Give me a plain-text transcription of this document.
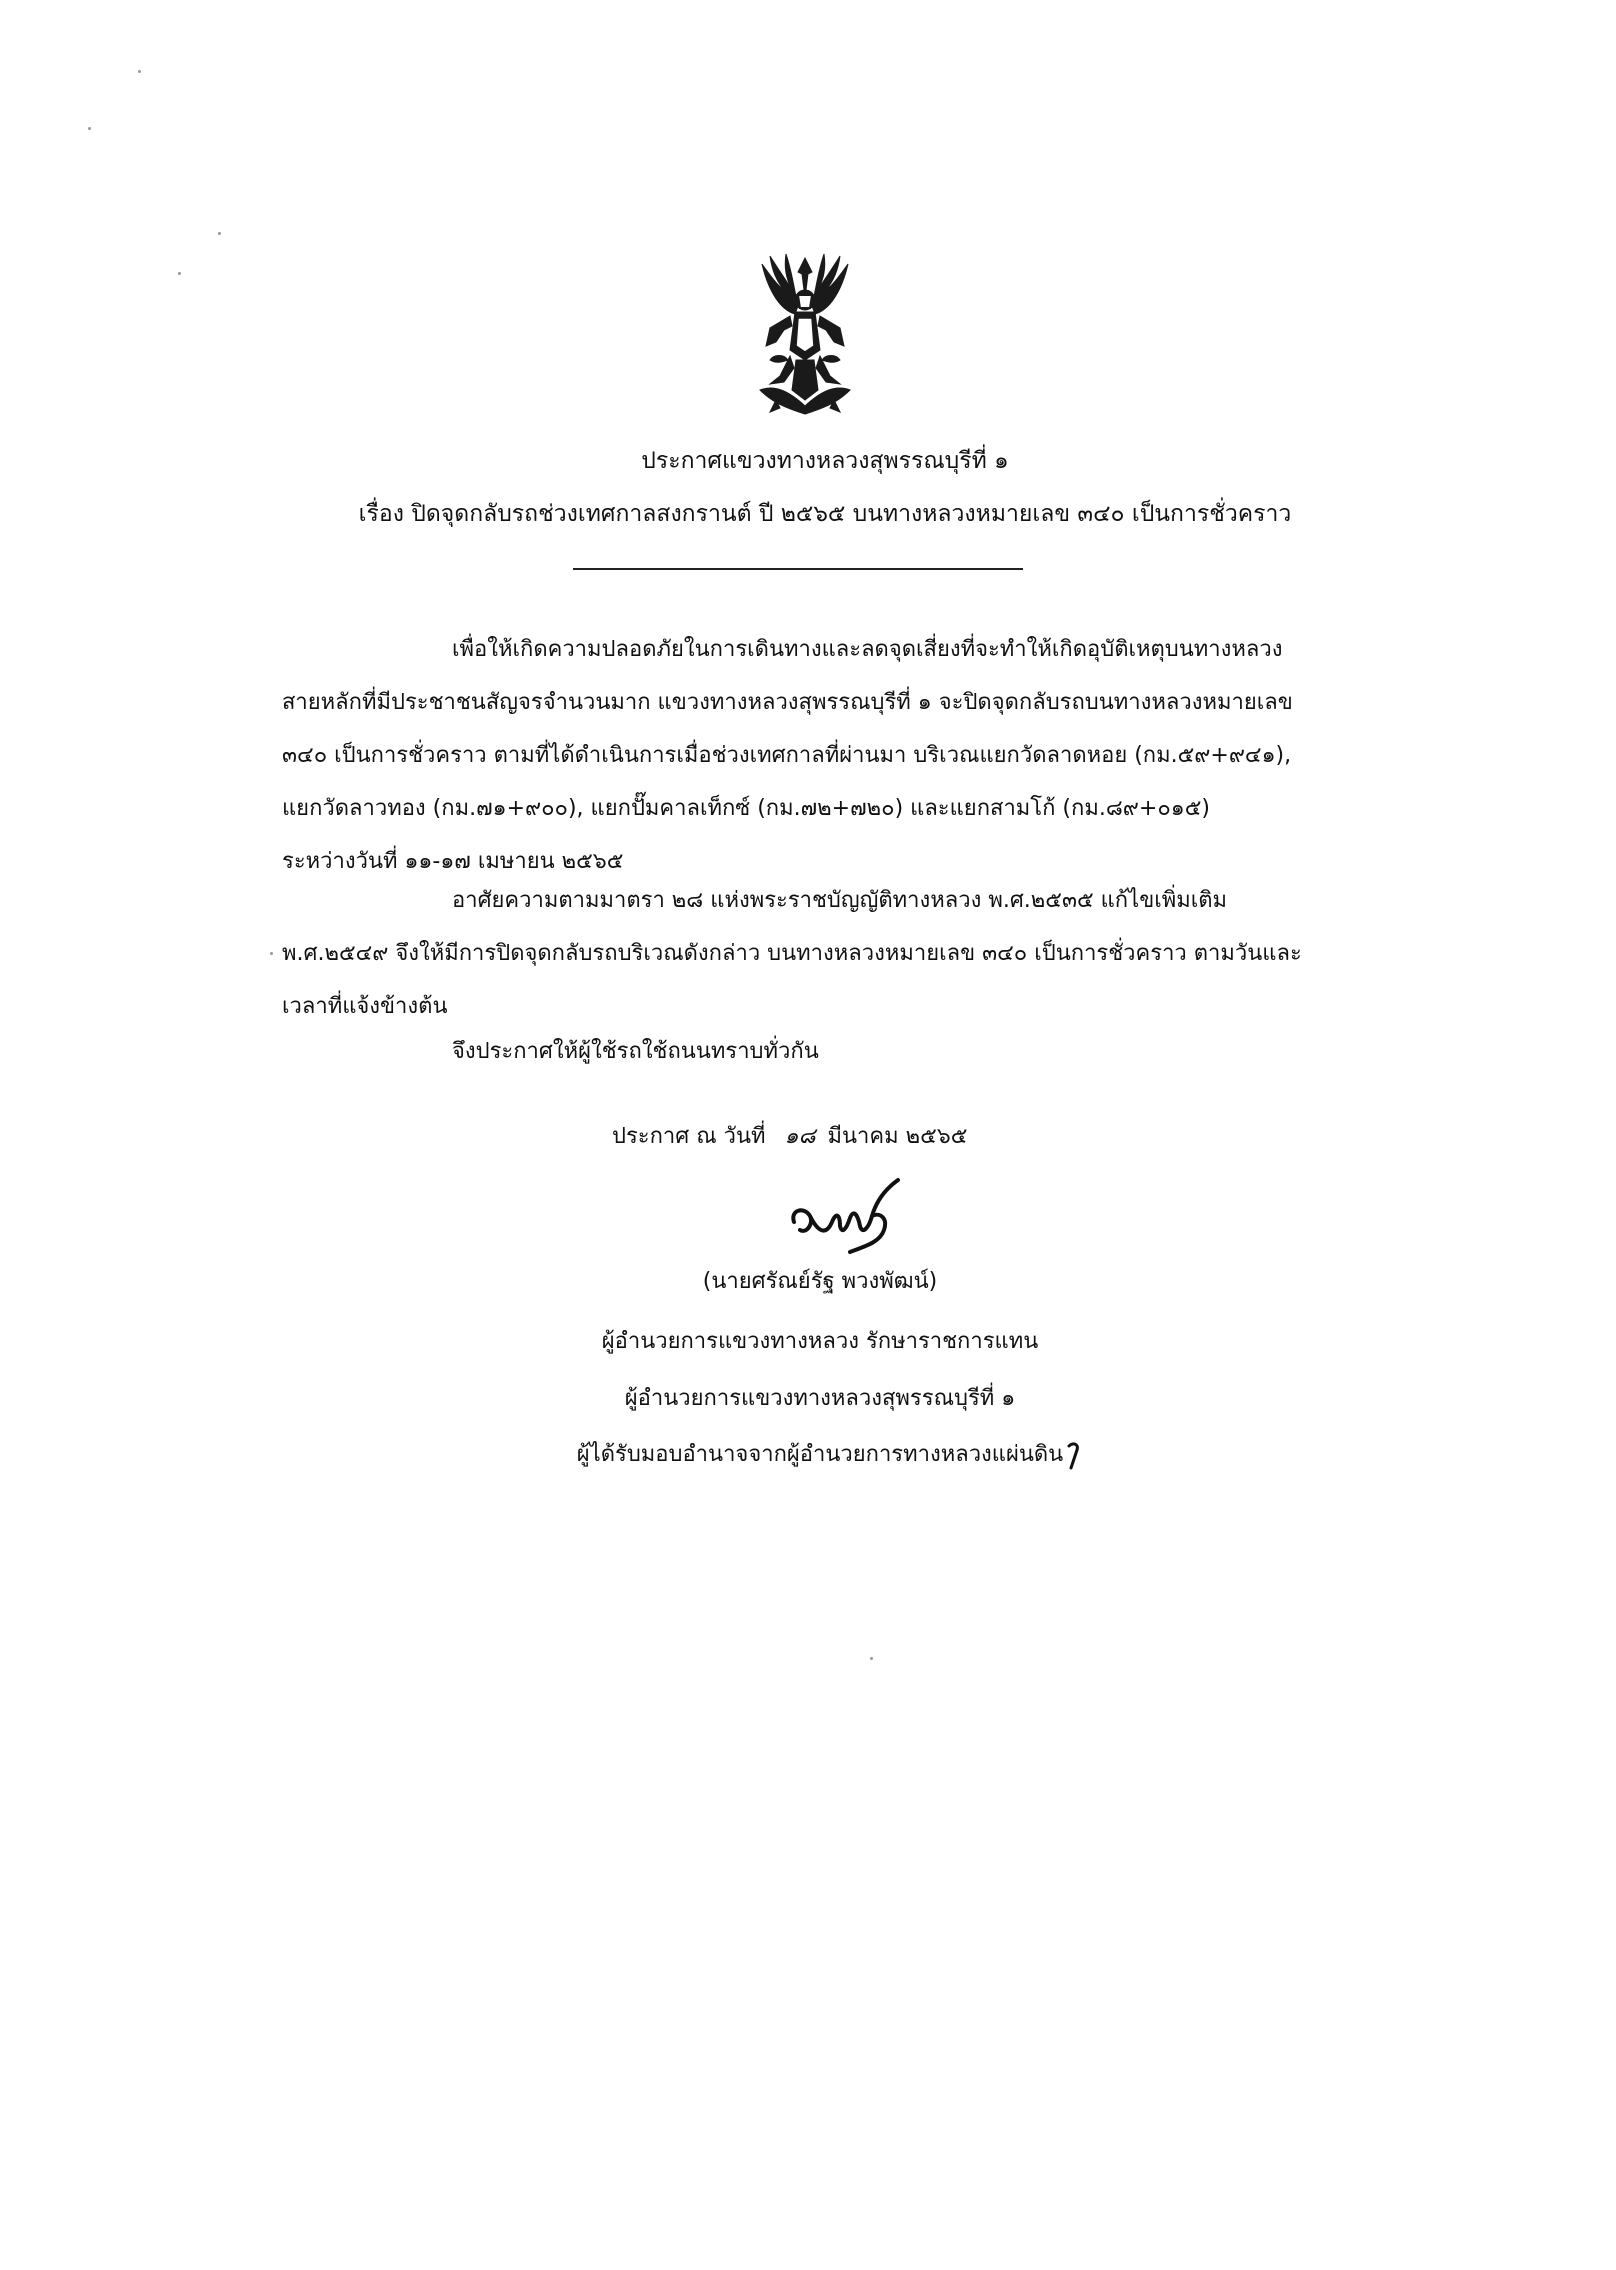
ประกาศแขวงทางหลวงสุพรรณบุรีที่ ๑
เรื่อง ปิดจุดกลับรถช่วงเทศกาลสงกรานต์ ปี ๒๕๖๕ บนทางหลวงหมายเลข ๓๔๐ เป็นการชั่วคราว
เพื่อให้เกิดความปลอดภัยในการเดินทางและลดจุดเสี่ยงที่จะทำให้เกิดอุบัติเหตุบนทางหลวง
สายหลักที่มีประชาชนสัญจรจำนวนมาก แขวงทางหลวงสุพรรณบุรีที่ ๑ จะปิดจุดกลับรถบนทางหลวงหมายเลข
๓๔๐ เป็นการชั่วคราว ตามที่ได้ดำเนินการเมื่อช่วงเทศกาลที่ผ่านมา บริเวณแยกวัดลาดหอย (กม.๕๙+๙๔๑),
แยกวัดลาวทอง (กม.๗๑+๙๐๐), แยกปั๊มคาลเท็กซ์ (กม.๗๒+๗๒๐) และแยกสามโก้ (กม.๘๙+๐๑๕)
ระหว่างวันที่ ๑๑-๑๗ เมษายน ๒๕๖๕
อาศัยความตามมาตรา ๒๘ แห่งพระราชบัญญัติทางหลวง พ.ศ.๒๕๓๕ แก้ไขเพิ่มเติม
พ.ศ.๒๕๔๙ จึงให้มีการปิดจุดกลับรถบริเวณดังกล่าว บนทางหลวงหมายเลข ๓๔๐ เป็นการชั่วคราว ตามวันและ
เวลาที่แจ้งข้างต้น
จึงประกาศให้ผู้ใช้รถใช้ถนนทราบทั่วกัน
ประกาศ ณ วันที่ ๑๘ มีนาคม ๒๕๖๕
(นายศรัณย์รัฐ พวงพัฒน์)
ผู้อำนวยการแขวงทางหลวง รักษาราชการแทน
ผู้อำนวยการแขวงทางหลวงสุพรรณบุรีที่ ๑
ผู้ได้รับมอบอำนาจจากผู้อำนวยการทางหลวงแผ่นดิน
